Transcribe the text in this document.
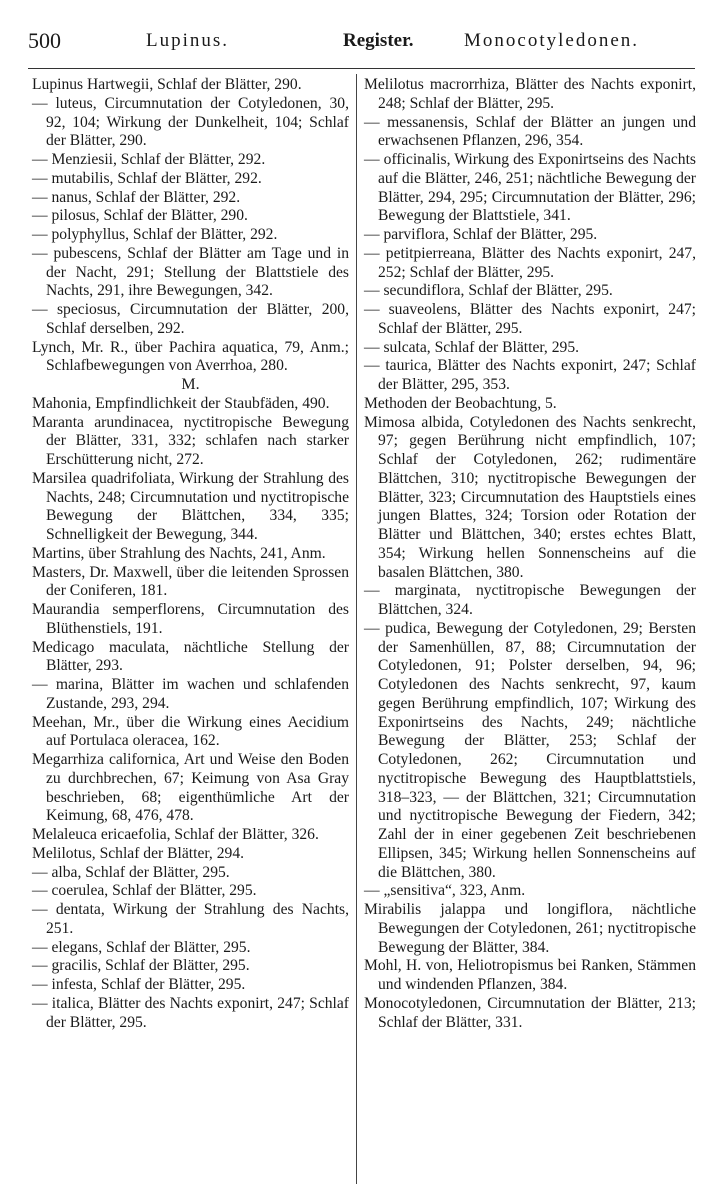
500	Lupinus.	Register.	Monocotyledonen.

Lupinus Hartwegii, Schlaf der Blätter, 290.

— luteus, Circumnutation der Cotyledonen, 30, 92, 104; Wirkung der Dunkelheit, 104; Schlaf der Blätter, 290.

— Menziesii, Schlaf der Blätter, 292.

— mutabilis, Schlaf der Blätter, 292.

— nanus, Schlaf der Blätter, 292.

— pilosus, Schlaf der Blätter, 290.

— polyphyllus, Schlaf der Blätter, 292.

— pubescens, Schlaf der Blätter am Tage und in der Nacht, 291; Stellung der Blattstiele des Nachts, 291, ihre Bewegungen, 342.

— speciosus, Circumnutation der Blätter, 200, Schlaf derselben, 292.

Lynch, Mr. R., über Pachira aquatica, 79, Anm.; Schlafbewegungen von Averrhoa, 280.

M.

Mahonia, Empfindlichkeit der Staubfäden, 490.

Maranta arundinacea, nyctitropische Bewegung der Blätter, 331, 332; schlafen nach starker Erschütterung nicht, 272.

Marsilea quadrifoliata, Wirkung der Strahlung des Nachts, 248; Circumnutation und nyctitropische Bewegung der Blättchen, 334, 335; Schnelligkeit der Bewegung, 344.

Martins, über Strahlung des Nachts, 241, Anm.

Masters, Dr. Maxwell, über die leitenden Sprossen der Coniferen, 181.

Maurandia semperflorens, Circumnutation des Blüthenstiels, 191.

Medicago maculata, nächtliche Stellung der Blätter, 293.

— marina, Blätter im wachen und schlafenden Zustande, 293, 294.

Meehan, Mr., über die Wirkung eines Aecidium auf Portulaca oleracea, 162.

Megarrhiza californica, Art und Weise den Boden zu durchbrechen, 67; Keimung von Asa Gray beschrieben, 68; eigenthümliche Art der Keimung, 68, 476, 478.

Melaleuca ericaefolia, Schlaf der Blätter, 326.

Melilotus, Schlaf der Blätter, 294.

— alba, Schlaf der Blätter, 295.

— coerulea, Schlaf der Blätter, 295.

— dentata, Wirkung der Strahlung des Nachts, 251.

— elegans, Schlaf der Blätter, 295.

— gracilis, Schlaf der Blätter, 295.

— infesta, Schlaf der Blätter, 295.

— italica, Blätter des Nachts exponirt, 247; Schlaf der Blätter, 295.

Melilotus macrorrhiza, Blätter des Nachts exponirt, 248; Schlaf der Blätter, 295.

— messanensis, Schlaf der Blätter an jungen und erwachsenen Pflanzen, 296, 354.

— officinalis, Wirkung des Exponirtseins des Nachts auf die Blätter, 246, 251; nächtliche Bewegung der Blätter, 294, 295; Circumnutation der Blätter, 296; Bewegung der Blattstiele, 341.

— parviflora, Schlaf der Blätter, 295.

— petitpierreana, Blätter des Nachts exponirt, 247, 252; Schlaf der Blätter, 295.

— secundiflora, Schlaf der Blätter, 295.

— suaveolens, Blätter des Nachts exponirt, 247; Schlaf der Blätter, 295.

— sulcata, Schlaf der Blätter, 295.

— taurica, Blätter des Nachts exponirt, 247; Schlaf der Blätter, 295, 353.

Methoden der Beobachtung, 5.

Mimosa albida, Cotyledonen des Nachts senkrecht, 97; gegen Berührung nicht empfindlich, 107; Schlaf der Cotyledonen, 262; rudimentäre Blättchen, 310; nyctitropische Bewegungen der Blätter, 323; Circumnutation des Hauptstiels eines jungen Blattes, 324; Torsion oder Rotation der Blätter und Blättchen, 340; erstes echtes Blatt, 354; Wirkung hellen Sonnenscheins auf die basalen Blättchen, 380.

— marginata, nyctitropische Bewegungen der Blättchen, 324.

— pudica, Bewegung der Cotyledonen, 29; Bersten der Samenhüllen, 87, 88; Circumnutation der Cotyledonen, 91; Polster derselben, 94, 96; Cotyledonen des Nachts senkrecht, 97, kaum gegen Berührung empfindlich, 107; Wirkung des Exponirtseins des Nachts, 249; nächtliche Bewegung der Blätter, 253; Schlaf der Cotyledonen, 262; Circumnutation und nyctitropische Bewegung des Hauptblattstiels, 318–323, — der Blättchen, 321; Circumnutation und nyctitropische Bewegung der Fiedern, 342; Zahl der in einer gegebenen Zeit beschriebenen Ellipsen, 345; Wirkung hellen Sonnenscheins auf die Blättchen, 380.

— „sensitiva“, 323, Anm.

Mirabilis jalappa und longiflora, nächtliche Bewegungen der Cotyledonen, 261; nyctitropische Bewegung der Blätter, 384.

Mohl, H. von, Heliotropismus bei Ranken, Stämmen und windenden Pflanzen, 384.

Monocotyledonen, Circumnutation der Blätter, 213; Schlaf der Blätter, 331.
